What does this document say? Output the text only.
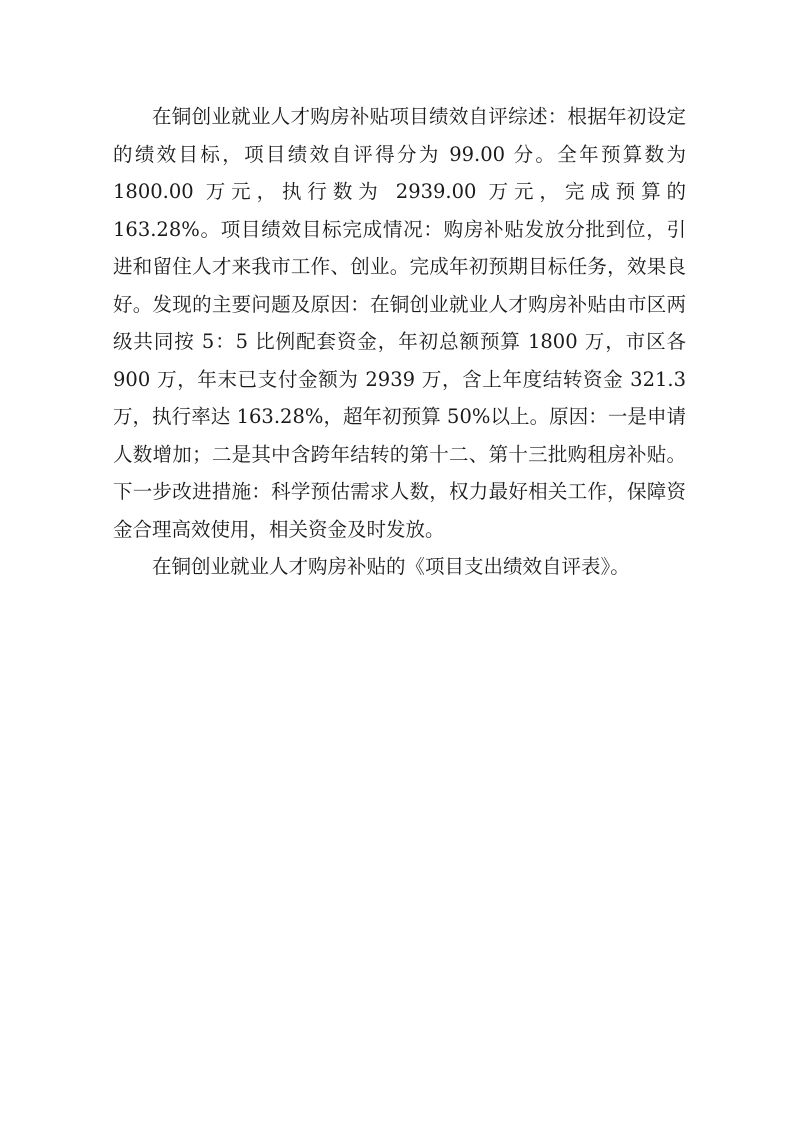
在铜创业就业人才购房补贴项目绩效自评综述：根据年初设定的绩效目标，项目绩效自评得分为 99.00 分。全年预算数为 1800.00 万元，执行数为 2939.00 万元，完成预算的 163.28%。项目绩效目标完成情况：购房补贴发放分批到位，引进和留住人才来我市工作、创业。完成年初预期目标任务，效果良好。发现的主要问题及原因：在铜创业就业人才购房补贴由市区两级共同按 5：5 比例配套资金，年初总额预算 1800 万，市区各 900 万，年末已支付金额为 2939 万，含上年度结转资金 321.3 万，执行率达 163.28%，超年初预算 50%以上。原因：一是申请人数增加；二是其中含跨年结转的第十二、第十三批购租房补贴。下一步改进措施：科学预估需求人数，权力最好相关工作，保障资金合理高效使用，相关资金及时发放。

在铜创业就业人才购房补贴的《项目支出绩效自评表》。
